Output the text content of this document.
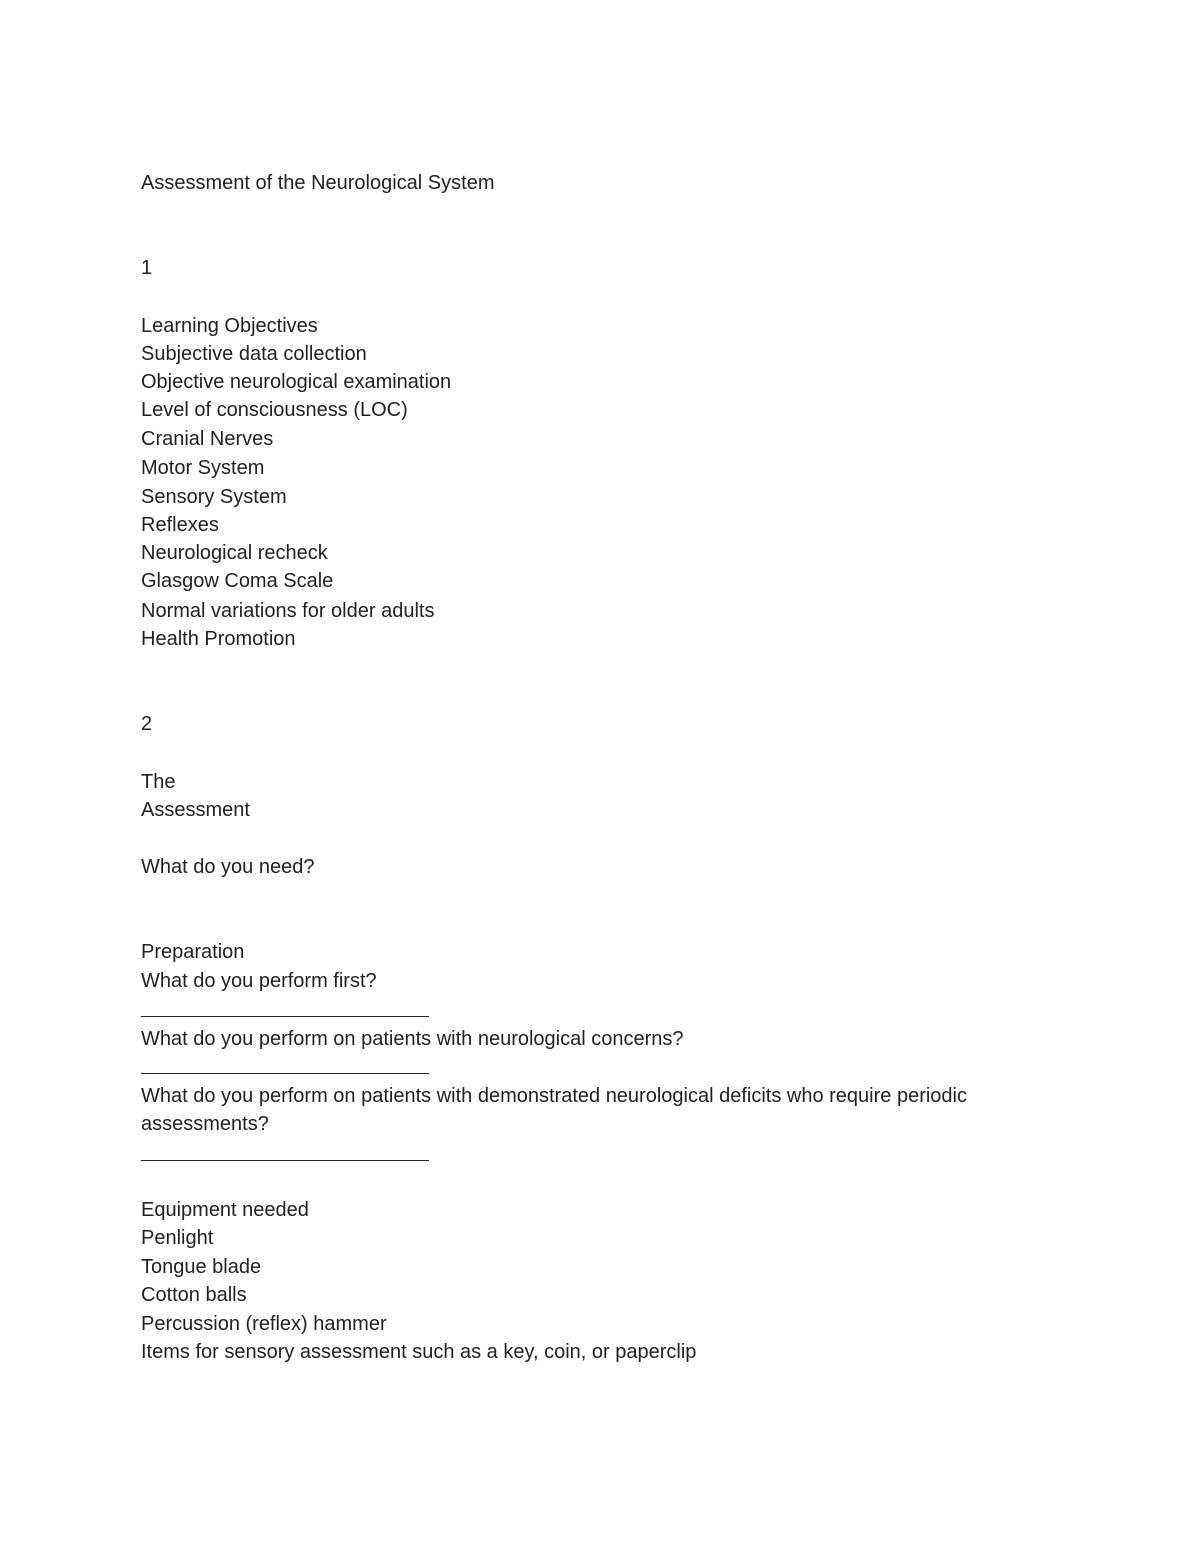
Assessment of the Neurological System
1
Learning Objectives
Subjective data collection
Objective neurological examination
Level of consciousness (LOC)
Cranial Nerves
Motor System
Sensory System
Reflexes
Neurological recheck
Glasgow Coma Scale
Normal variations for older adults
Health Promotion
2
The
Assessment
What do you need?
Preparation
What do you perform first?
What do you perform on patients with neurological concerns?
What do you perform on patients with demonstrated neurological deficits who require periodic
assessments?
Equipment needed
Penlight
Tongue blade
Cotton balls
Percussion (reflex) hammer
Items for sensory assessment such as a key, coin, or paperclip
